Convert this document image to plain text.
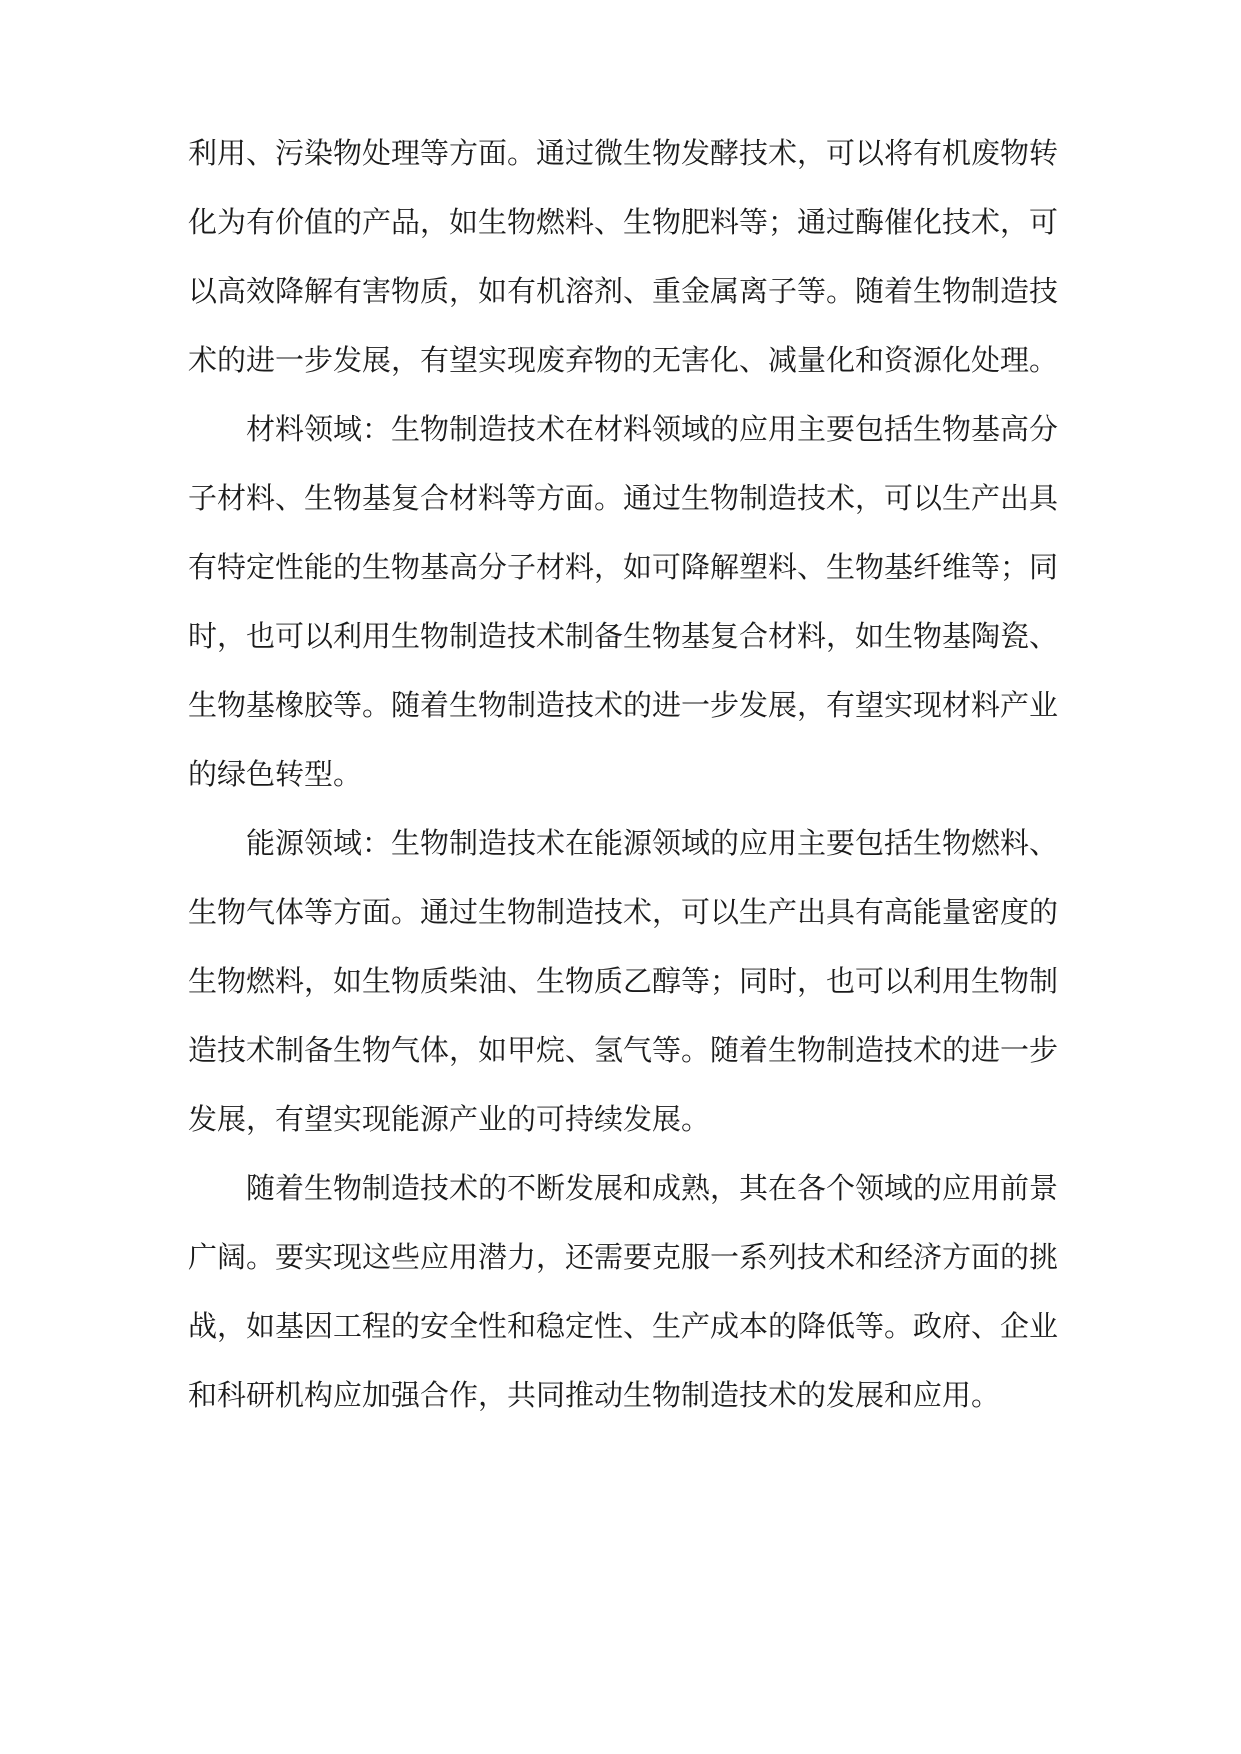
利用、污染物处理等方面。通过微生物发酵技术，可以将有机废物转
化为有价值的产品，如生物燃料、生物肥料等；通过酶催化技术，可
以高效降解有害物质，如有机溶剂、重金属离子等。随着生物制造技
术的进一步发展，有望实现废弃物的无害化、减量化和资源化处理。
材料领域：生物制造技术在材料领域的应用主要包括生物基高分
子材料、生物基复合材料等方面。通过生物制造技术，可以生产出具
有特定性能的生物基高分子材料，如可降解塑料、生物基纤维等；同
时，也可以利用生物制造技术制备生物基复合材料，如生物基陶瓷、
生物基橡胶等。随着生物制造技术的进一步发展，有望实现材料产业
的绿色转型。
能源领域：生物制造技术在能源领域的应用主要包括生物燃料、
生物气体等方面。通过生物制造技术，可以生产出具有高能量密度的
生物燃料，如生物质柴油、生物质乙醇等；同时，也可以利用生物制
造技术制备生物气体，如甲烷、氢气等。随着生物制造技术的进一步
发展，有望实现能源产业的可持续发展。
随着生物制造技术的不断发展和成熟，其在各个领域的应用前景
广阔。要实现这些应用潜力，还需要克服一系列技术和经济方面的挑
战，如基因工程的安全性和稳定性、生产成本的降低等。政府、企业
和科研机构应加强合作，共同推动生物制造技术的发展和应用。
